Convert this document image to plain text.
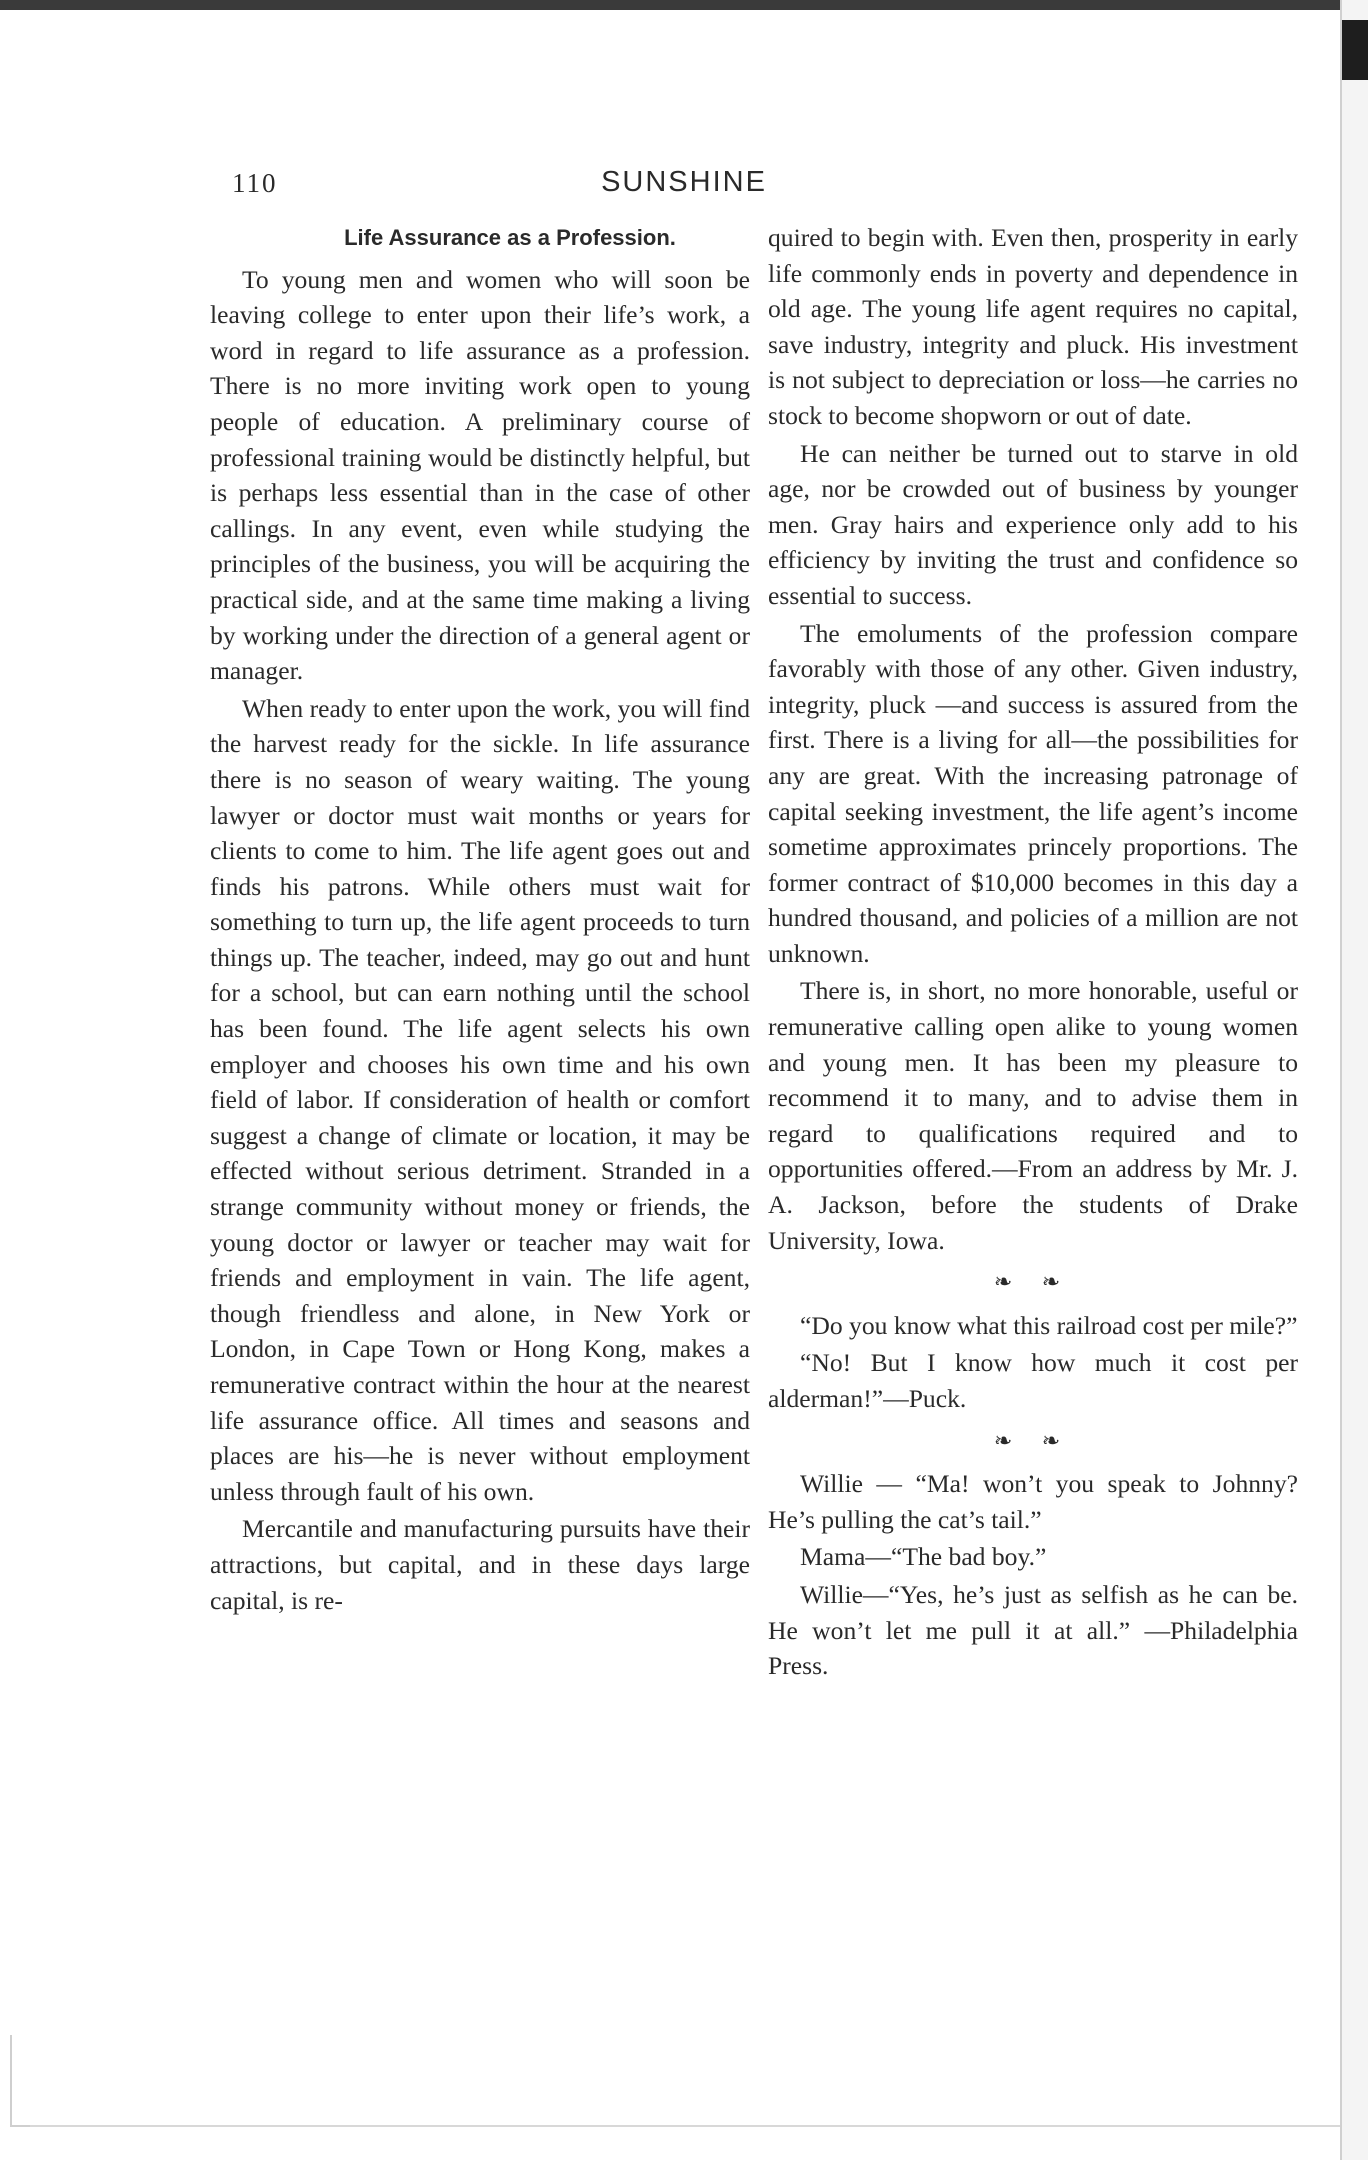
110	SUNSHINE
Life Assurance as a Profession.

To young men and women who will soon be leaving college to enter upon their life’s work, a word in regard to life assurance as a profession. There is no more inviting work open to young people of education. A preliminary course of professional training would be distinctly helpful, but is perhaps less essential than in the case of other callings. In any event, even while studying the principles of the business, you will be acquiring the practical side, and at the same time making a living by working under the direction of a general agent or manager.

When ready to enter upon the work, you will find the harvest ready for the sickle. In life assurance there is no season of weary waiting. The young lawyer or doctor must wait months or years for clients to come to him. The life agent goes out and finds his patrons. While others must wait for something to turn up, the life agent proceeds to turn things up. The teacher, indeed, may go out and hunt for a school, but can earn nothing until the school has been found. The life agent selects his own employer and chooses his own time and his own field of labor. If consideration of health or comfort suggest a change of climate or location, it may be effected without serious detriment. Stranded in a strange community without money or friends, the young doctor or lawyer or teacher may wait for friends and employment in vain. The life agent, though friendless and alone, in New York or London, in Cape Town or Hong Kong, makes a remunerative contract within the hour at the nearest life assurance office. All times and seasons and places are his—he is never without employment unless through fault of his own.

Mercantile and manufacturing pursuits have their attractions, but capital, and in these days large capital, is re-

quired to begin with. Even then, prosperity in early life commonly ends in poverty and dependence in old age. The young life agent requires no capital, save industry, integrity and pluck. His investment is not subject to depreciation or loss—he carries no stock to become shopworn or out of date.

He can neither be turned out to starve in old age, nor be crowded out of business by younger men. Gray hairs and experience only add to his efficiency by inviting the trust and confidence so essential to success.

The emoluments of the profession compare favorably with those of any other. Given industry, integrity, pluck —and success is assured from the first. There is a living for all—the possibilities for any are great. With the increasing patronage of capital seeking investment, the life agent’s income sometime approximates princely proportions. The former contract of $10,000 becomes in this day a hundred thousand, and policies of a million are not unknown.

There is, in short, no more honorable, useful or remunerative calling open alike to young women and young men. It has been my pleasure to recommend it to many, and to advise them in regard to qualifications required and to opportunities offered.—From an address by Mr. J. A. Jackson, before the students of Drake University, Iowa.

❧ ❧

“Do you know what this railroad cost per mile?”

“No! But I know how much it cost per alderman!”—Puck.

❧ ❧

Willie — “Ma! won’t you speak to Johnny? He’s pulling the cat’s tail.”

Mama—“The bad boy.”

Willie—“Yes, he’s just as selfish as he can be. He won’t let me pull it at all.” —Philadelphia Press.
